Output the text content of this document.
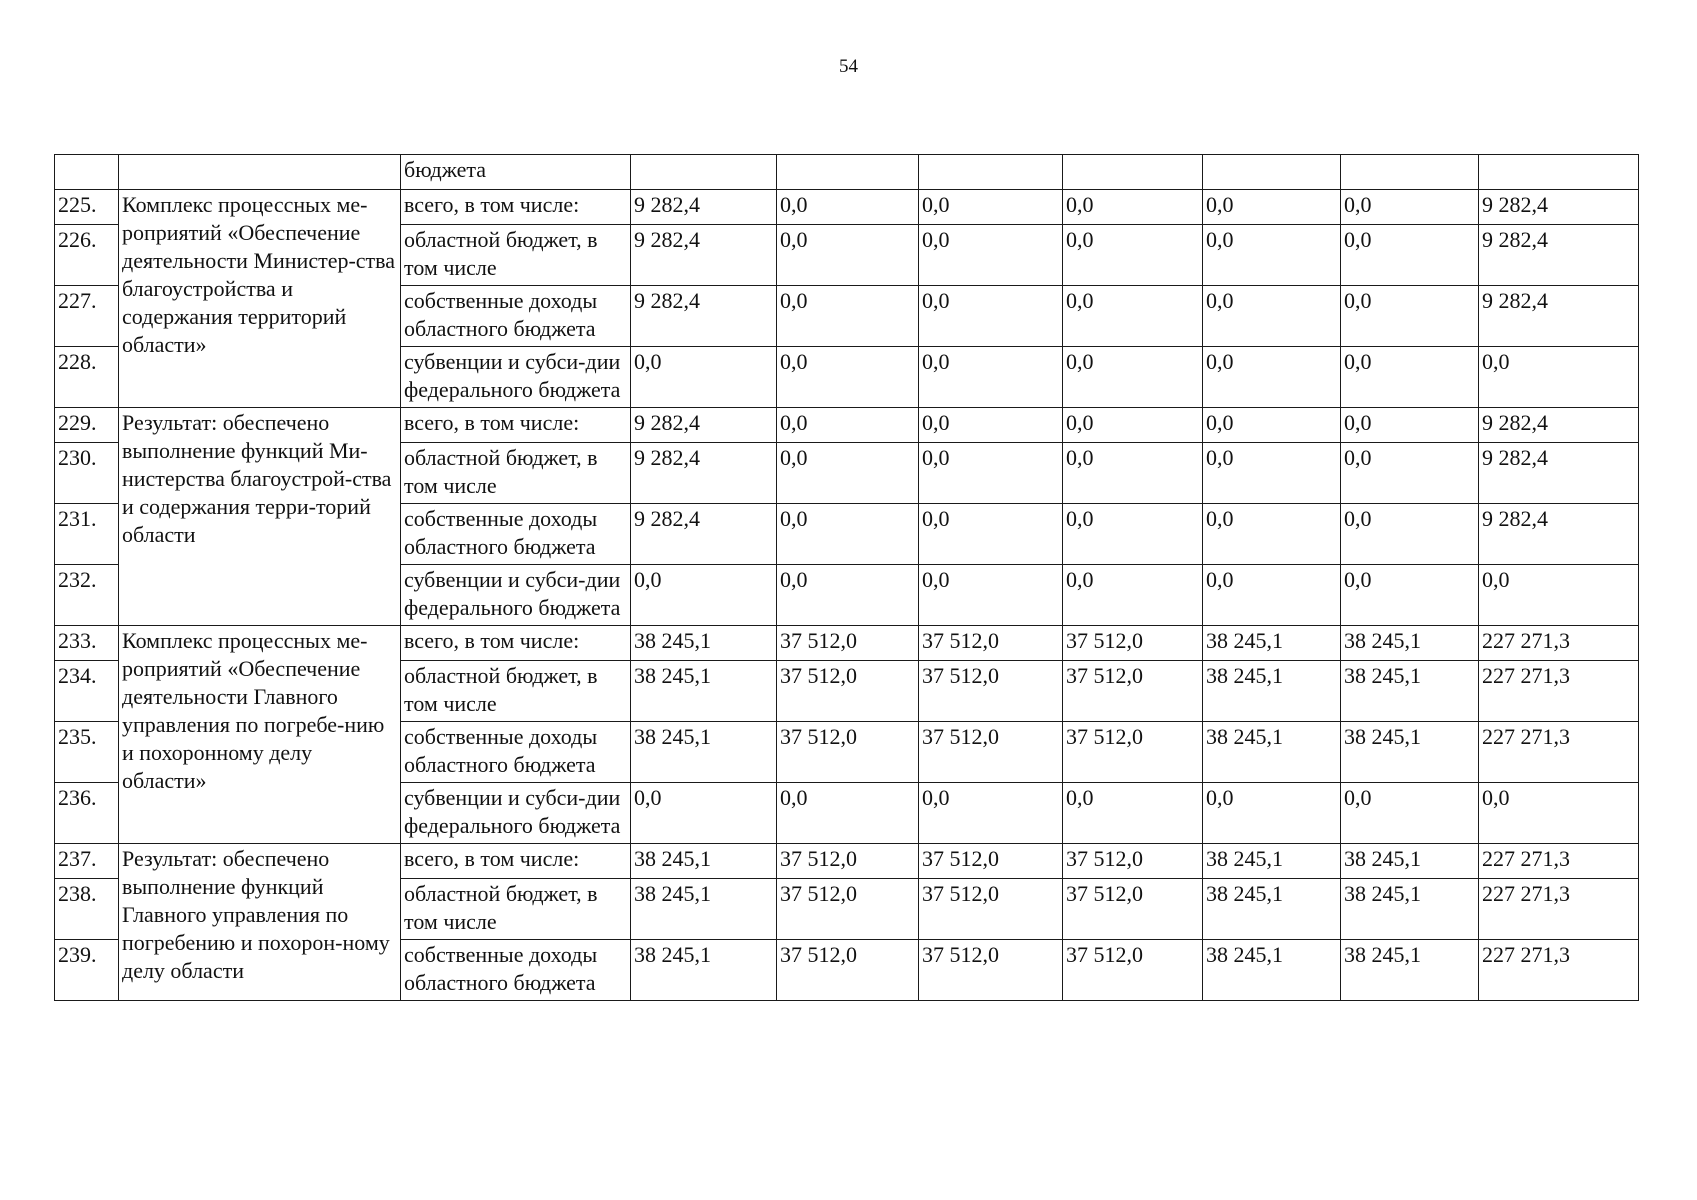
54
		бюджета							
225.	Комплекс процессных ме-роприятий «Обеспечение деятельности Министер-ства благоустройства и содержания территорий области»	всего, в том числе:	9 282,4	0,0	0,0	0,0	0,0	0,0	9 282,4
226.		областной бюджет, в том числе	9 282,4	0,0	0,0	0,0	0,0	0,0	9 282,4
227.		собственные доходы областного бюджета	9 282,4	0,0	0,0	0,0	0,0	0,0	9 282,4
228.		субвенции и субси-дии федерального бюджета	0,0	0,0	0,0	0,0	0,0	0,0	0,0
229.	Результат: обеспечено выполнение функций Ми-нистерства благоустрой-ства и содержания терри-торий области	всего, в том числе:	9 282,4	0,0	0,0	0,0	0,0	0,0	9 282,4
230.		областной бюджет, в том числе	9 282,4	0,0	0,0	0,0	0,0	0,0	9 282,4
231.		собственные доходы областного бюджета	9 282,4	0,0	0,0	0,0	0,0	0,0	9 282,4
232.		субвенции и субси-дии федерального бюджета	0,0	0,0	0,0	0,0	0,0	0,0	0,0
233.	Комплекс процессных ме-роприятий «Обеспечение деятельности Главного управления по погребе-нию и похоронному делу области»	всего, в том числе:	38 245,1	37 512,0	37 512,0	37 512,0	38 245,1	38 245,1	227 271,3
234.		областной бюджет, в том числе	38 245,1	37 512,0	37 512,0	37 512,0	38 245,1	38 245,1	227 271,3
235.		собственные доходы областного бюджета	38 245,1	37 512,0	37 512,0	37 512,0	38 245,1	38 245,1	227 271,3
236.		субвенции и субси-дии федерального бюджета	0,0	0,0	0,0	0,0	0,0	0,0	0,0
237.	Результат: обеспечено выполнение функций Главного управления по погребению и похорон-ному делу области	всего, в том числе:	38 245,1	37 512,0	37 512,0	37 512,0	38 245,1	38 245,1	227 271,3
238.		областной бюджет, в том числе	38 245,1	37 512,0	37 512,0	37 512,0	38 245,1	38 245,1	227 271,3
239.		собственные доходы областного бюджета	38 245,1	37 512,0	37 512,0	37 512,0	38 245,1	38 245,1	227 271,3
